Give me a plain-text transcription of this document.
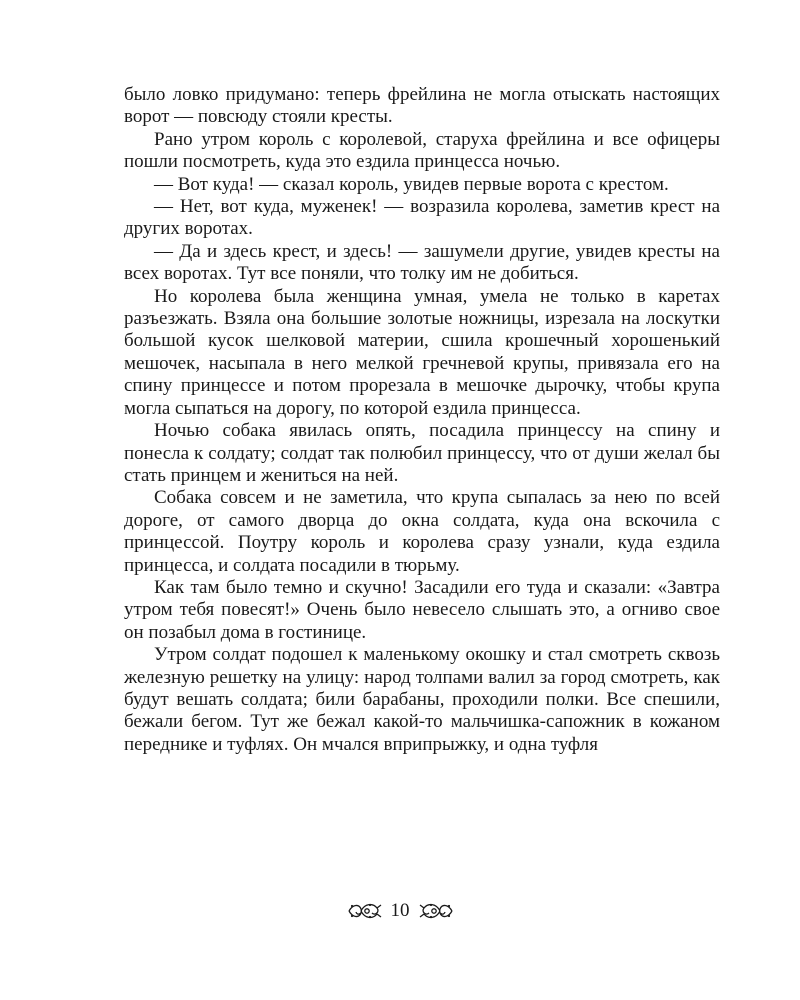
было ловко придумано: теперь фрейлина не могла отыскать настоящих ворот — повсюду стояли кресты.

Рано утром король с королевой, старуха фрейлина и все офицеры пошли посмотреть, куда это ездила принцесса ночью.

— Вот куда! — сказал король, увидев первые ворота с крестом.

— Нет, вот куда, муженек! — возразила королева, заметив крест на других воротах.

— Да и здесь крест, и здесь! — зашумели другие, увидев кресты на всех воротах. Тут все поняли, что толку им не добиться.

Но королева была женщина умная, умела не только в каретах разъезжать. Взяла она большие золотые ножницы, изрезала на лоскутки большой кусок шелковой материи, сшила крошечный хорошенький мешочек, насыпала в него мелкой гречневой крупы, привязала его на спину принцессе и потом прорезала в мешочке дырочку, чтобы крупа могла сыпаться на дорогу, по которой ездила принцесса.

Ночью собака явилась опять, посадила принцессу на спину и понесла к солдату; солдат так полюбил принцессу, что от души желал бы стать принцем и жениться на ней.

Собака совсем и не заметила, что крупа сыпалась за нею по всей дороге, от самого дворца до окна солдата, куда она вскочила с принцессой. Поутру король и королева сразу узнали, куда ездила принцесса, и солдата посадили в тюрьму.

Как там было темно и скучно! Засадили его туда и сказали: «Завтра утром тебя повесят!» Очень было невесело слышать это, а огниво свое он позабыл дома в гостинице.

Утром солдат подошел к маленькому окошку и стал смотреть сквозь железную решетку на улицу: народ толпами валил за город смотреть, как будут вешать солдата; били барабаны, проходили полки. Все спешили, бежали бегом. Тут же бежал какой-то мальчишка-сапожник в кожаном переднике и туфлях. Он мчался вприпрыжку, и одна туфля

10
